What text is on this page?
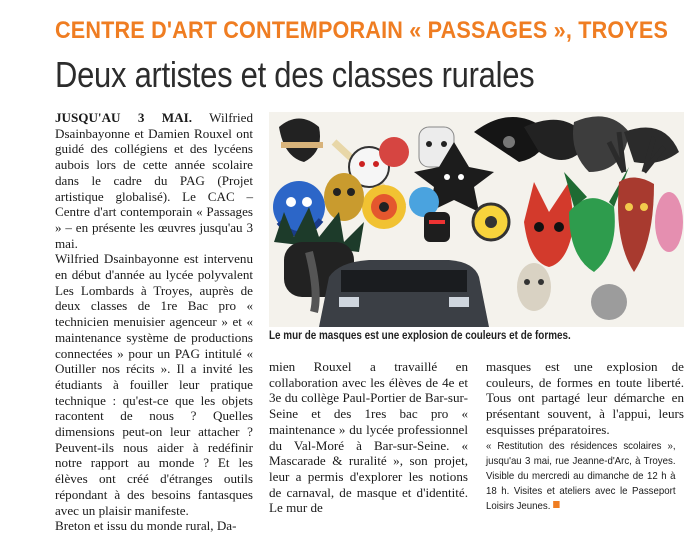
CENTRE D'ART CONTEMPORAIN « PASSAGES », TROYES
Deux artistes et des classes rurales

JUSQU'AU 3 MAI. Wilfried Dsainbayonne et Damien Rouxel ont guidé des collégiens et des lycéens aubois lors de cette année scolaire dans le cadre du PAG (Projet artistique globalisé). Le CAC – Centre d'art contemporain « Passages » – en présente les œuvres jusqu'au 3 mai.

Wilfried Dsainbayonne est intervenu en début d'année au lycée polyvalent Les Lombards à Troyes, auprès de deux classes de 1re Bac pro « technicien menuisier agenceur » et « maintenance système de productions connectées » pour un PAG intitulé « Outiller nos récits ». Il a invité les étudiants à fouiller leur pratique technique : qu'est-ce que les objets racontent de nous ? Quelles dimensions peut-on leur attacher ? Peuvent-ils nous aider à redéfinir notre rapport au monde ? Et les élèves ont créé d'étranges outils répondant à des besoins fantasques avec un plaisir manifeste.

Breton et issu du monde rural, Da-

mien Rouxel a travaillé en collaboration avec les élèves de 4e et 3e du collège Paul-Portier de Bar-sur-Seine et des 1res bac pro « maintenance » du lycée professionnel du Val-Moré à Bar-sur-Seine. « Mascarade & ruralité », son projet, leur a permis d'explorer les notions de carnaval, de masque et d'identité. Le mur de

masques est une explosion de couleurs, de formes en toute liberté. Tous ont partagé leur démarche en présentant souvent, à l'appui, leurs esquisses préparatoires.

« Restitution des résidences scolaires », jusqu'au 3 mai, rue Jeanne-d'Arc, à Troyes. Visible du mercredi au dimanche de 12 h à 18 h. Visites et ateliers avec le Passeport Loisirs Jeunes.

Le mur de masques est une explosion de couleurs et de formes.
